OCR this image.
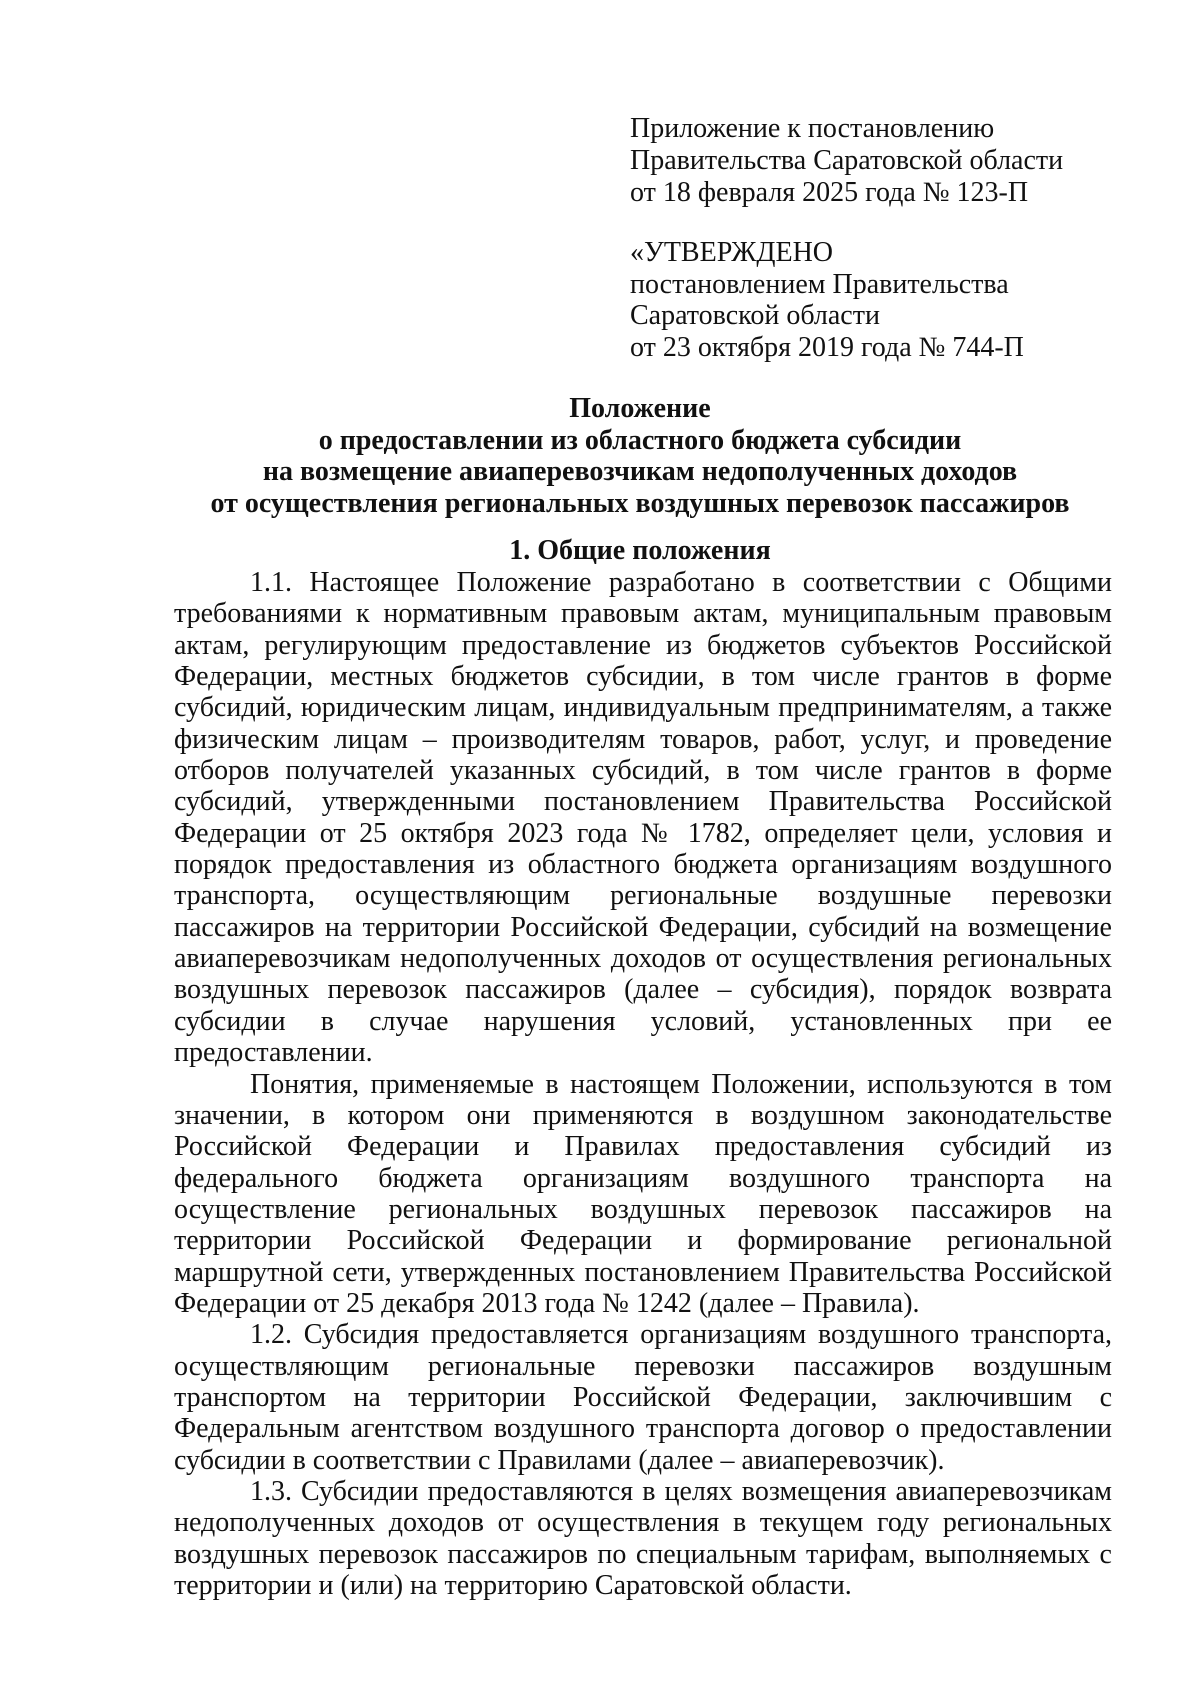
Приложение к постановлению
Правительства Саратовской области
от 18 февраля 2025 года № 123-П
«УТВЕРЖДЕНО
постановлением Правительства
Саратовской области
от 23 октября 2019 года № 744-П
Положение
о предоставлении из областного бюджета субсидии
на возмещение авиаперевозчикам недополученных доходов
от осуществления региональных воздушных перевозок пассажиров
1. Общие положения

1.1. Настоящее Положение разработано в соответствии с Общими требованиями к нормативным правовым актам, муниципальным правовым актам, регулирующим предоставление из бюджетов субъектов Российской Федерации, местных бюджетов субсидии, в том числе грантов в форме субсидий, юридическим лицам, индивидуальным предпринимателям, а также физическим лицам – производителям товаров, работ, услуг, и проведение отборов получателей указанных субсидий, в том числе грантов в форме субсидий, утвержденными постановлением Правительства Российской Федерации от 25 октября 2023 года № 1782, определяет цели, условия и порядок предоставления из областного бюджета организациям воздушного транспорта, осуществляющим региональные воздушные перевозки пассажиров на территории Российской Федерации, субсидий на возмещение авиаперевозчикам недополученных доходов от осуществления региональных воздушных перевозок пассажиров (далее – субсидия), порядок возврата субсидии в случае нарушения условий, установленных при ее предоставлении.

Понятия, применяемые в настоящем Положении, используются в том значении, в котором они применяются в воздушном законодательстве Российской Федерации и Правилах предоставления субсидий из федерального бюджета организациям воздушного транспорта на осуществление региональных воздушных перевозок пассажиров на территории Российской Федерации и формирование региональной маршрутной сети, утвержденных постановлением Правительства Российской Федерации от 25 декабря 2013 года № 1242 (далее – Правила).

1.2. Субсидия предоставляется организациям воздушного транспорта, осуществляющим региональные перевозки пассажиров воздушным транспортом на территории Российской Федерации, заключившим с Федеральным агентством воздушного транспорта договор о предоставлении субсидии в соответствии с Правилами (далее – авиаперевозчик).

1.3. Субсидии предоставляются в целях возмещения авиаперевозчикам недополученных доходов от осуществления в текущем году региональных воздушных перевозок пассажиров по специальным тарифам, выполняемых с территории и (или) на территорию Саратовской области.
